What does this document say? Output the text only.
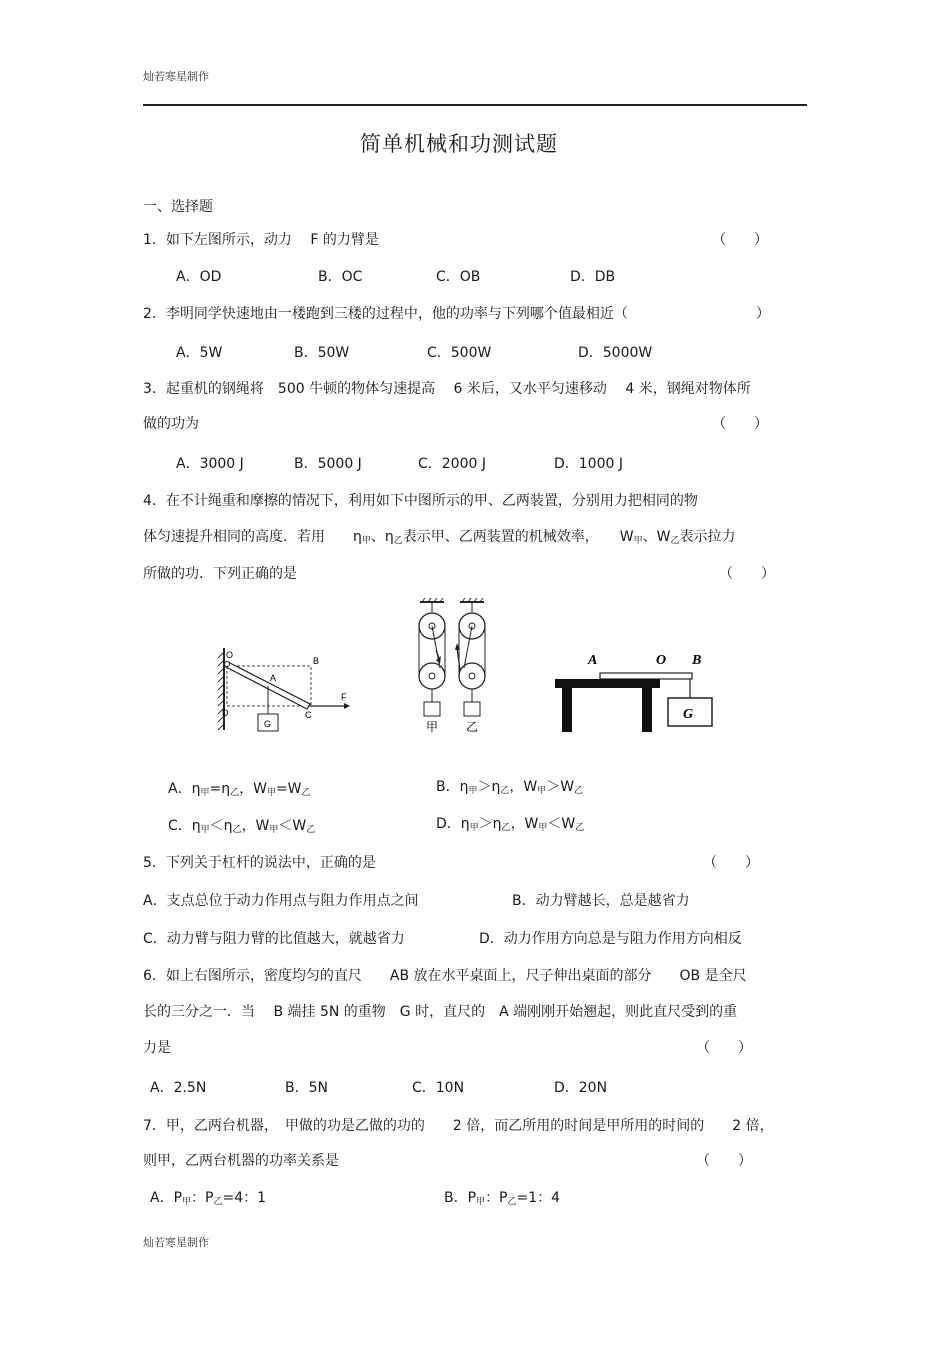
灿若寒星制作
简单机械和功测试题
一、选择题
1．如下左图所示，动力　 F 的力臂是	（　　）
A．OD	B．OC	C．OB	D．DB
2．李明同学快速地由一楼跑到三楼的过程中，他的功率与下列哪个值最相近（	）
A．5W	B．50W	C．500W	D．5000W
3．起重机的钢绳将　500 牛顿的物体匀速提高　 6 米后，又水平匀速移动　 4 米，钢绳对物体所
做的功为	（　　）
A．3000 J	B．5000 J	C．2000 J	D．1000 J
4．在不计绳重和摩擦的情况下，利用如下中图所示的甲、乙两装置，分别用力把相同的物
体匀速提升相同的高度．若用　　$\eta_甲$、$\eta_乙$表示甲、乙两装置的机械效率，　　$W_甲$、$W_乙$表示拉力
所做的功．下列正确的是	（　　）
O
B
A
D	C
F
G	甲 乙
A	O B
G
A．$\eta_甲=\eta_乙$，$W_甲=W_乙$	B．$\eta_甲>\eta_乙$，$W_甲>W_乙$
C．$\eta_甲<\eta_乙$，$W_甲<W_乙$	D．$\eta_甲>\eta_乙$，$W_甲<W_乙$
5．下列关于杠杆的说法中，正确的是	（　　）
A．支点总位于动力作用点与阻力作用点之间	B．动力臂越长，总是越省力
C．动力臂与阻力臂的比值越大，就越省力	D．动力作用方向总是与阻力作用方向相反
6．如上右图所示，密度均匀的直尺　　AB 放在水平桌面上，尺子伸出桌面的部分　　OB 是全尺
长的三分之一．当　 B 端挂 5N 的重物　G 时，直尺的　A 端刚刚开始翘起，则此直尺受到的重
力是	（　　）
A．2.5N	B．5N	C．10N	D．20N
7．甲，乙两台机器，　甲做的功是乙做的功的　　2 倍，而乙所用的时间是甲所用的时间的　　2 倍，
则甲，乙两台机器的功率关系是	（　　）
A．$P_甲$：$P_乙=4$：1	B．$P_甲$：$P_乙=1$：4
灿若寒星制作
